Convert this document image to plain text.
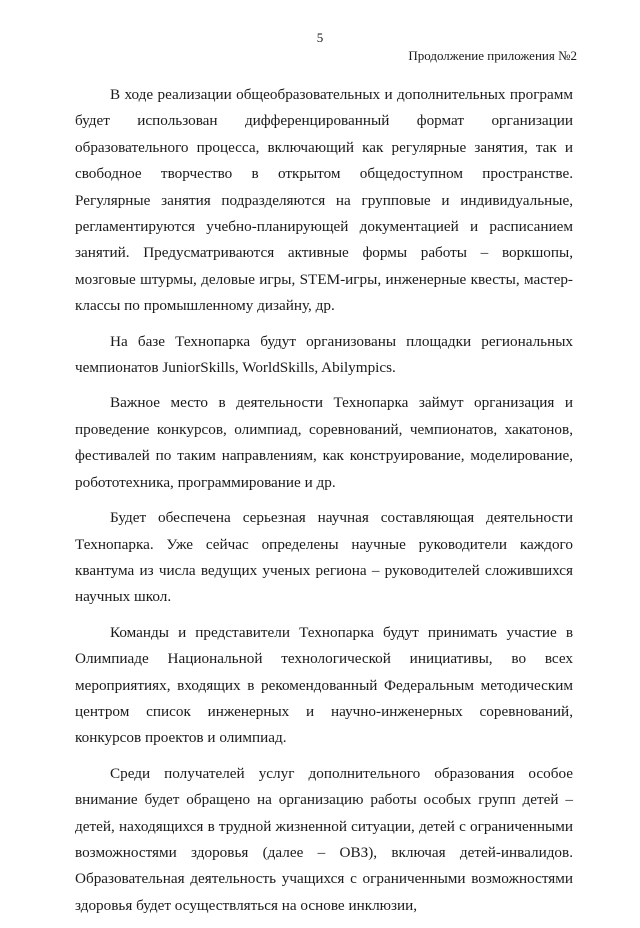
5
Продолжение приложения №2

В ходе реализации общеобразовательных и дополнительных программ будет использован дифференцированный формат организации образовательного процесса, включающий как регулярные занятия, так и свободное творчество в открытом общедоступном пространстве. Регулярные занятия подразделяются на групповые и индивидуальные, регламентируются учебно-планирующей документацией и расписанием занятий. Предусматриваются активные формы работы – воркшопы, мозговые штурмы, деловые игры, STEM-игры, инженерные квесты, мастер-классы по промышленному дизайну, др.

На базе Технопарка будут организованы площадки региональных чемпионатов JuniorSkills, WorldSkills, Abilympics.

Важное место в деятельности Технопарка займут организация и проведение конкурсов, олимпиад, соревнований, чемпионатов, хакатонов, фестивалей по таким направлениям, как конструирование, моделирование, робототехника, программирование и др.

Будет обеспечена серьезная научная составляющая деятельности Технопарка. Уже сейчас определены научные руководители каждого квантума из числа ведущих ученых региона – руководителей сложившихся научных школ.

Команды и представители Технопарка будут принимать участие в Олимпиаде Национальной технологической инициативы, во всех мероприятиях, входящих в рекомендованный Федеральным методическим центром список инженерных и научно-инженерных соревнований, конкурсов проектов и олимпиад.

Среди получателей услуг дополнительного образования особое внимание будет обращено на организацию работы особых групп детей – детей, находящихся в трудной жизненной ситуации, детей с ограниченными возможностями здоровья (далее – ОВЗ), включая детей-инвалидов. Образовательная деятельность учащихся с ограниченными возможностями здоровья будет осуществляться на основе инклюзии,
